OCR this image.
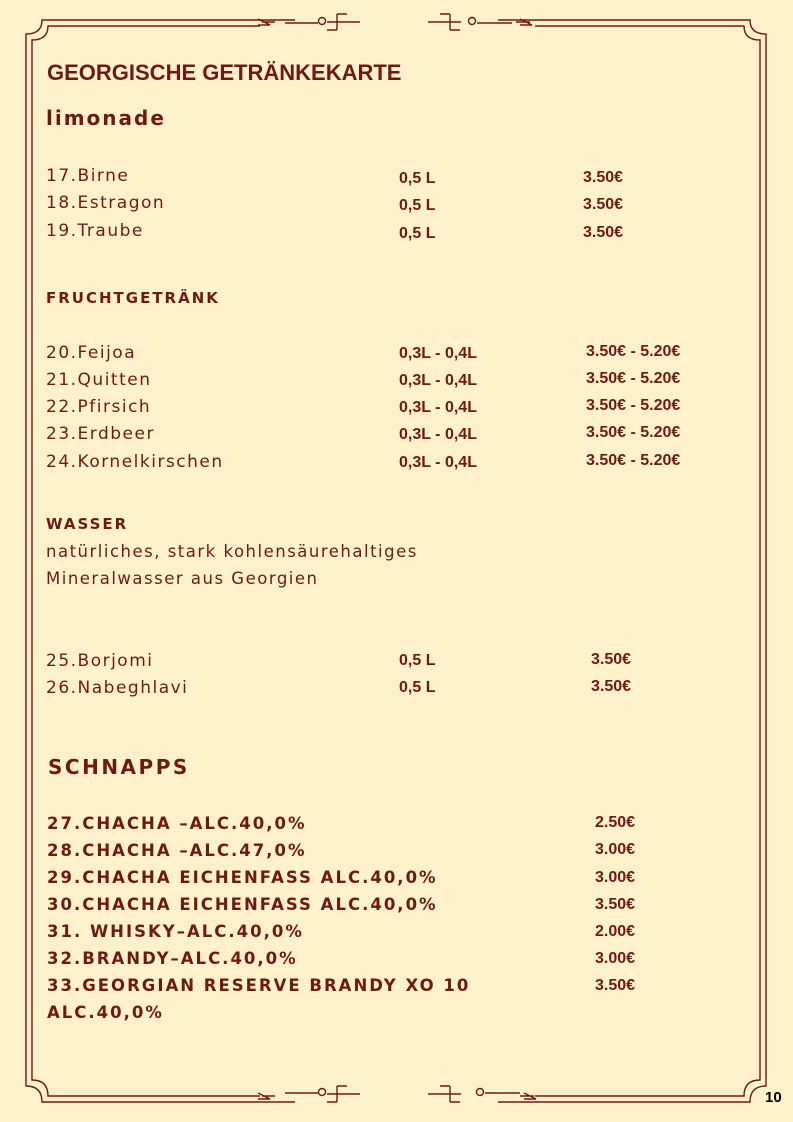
GEORGISCHE GETRÄNKEKARTE
limonade
17.Birne	0,5 L	3.50€
18.Estragon	0,5 L	3.50€
19.Traube	0,5 L	3.50€
FRUCHTGETRÄNK
20.Feijoa	0,3L - 0,4L	3.50€ - 5.20€
21.Quitten	0,3L - 0,4L	3.50€ - 5.20€
22.Pfirsich	0,3L - 0,4L	3.50€ - 5.20€
23.Erdbeer	0,3L - 0,4L	3.50€ - 5.20€
24.Kornelkirschen	0,3L - 0,4L	3.50€ - 5.20€
WASSER
natürliches, stark kohlensäurehaltiges
Mineralwasser aus Georgien
25.Borjomi	0,5 L	3.50€
26.Nabeghlavi	0,5 L	3.50€
SCHNAPPS
27.CHACHA –ALC.40,0%	2.50€
28.CHACHA –ALC.47,0%	3.00€
29.CHACHA EICHENFASS ALC.40,0%	3.00€
30.CHACHA EICHENFASS ALC.40,0%	3.50€
31. WHISKY–ALC.40,0%	2.00€
32.BRANDY–ALC.40,0%	3.00€
33.GEORGIAN RESERVE BRANDY XO 10	3.50€
ALC.40,0%
10
